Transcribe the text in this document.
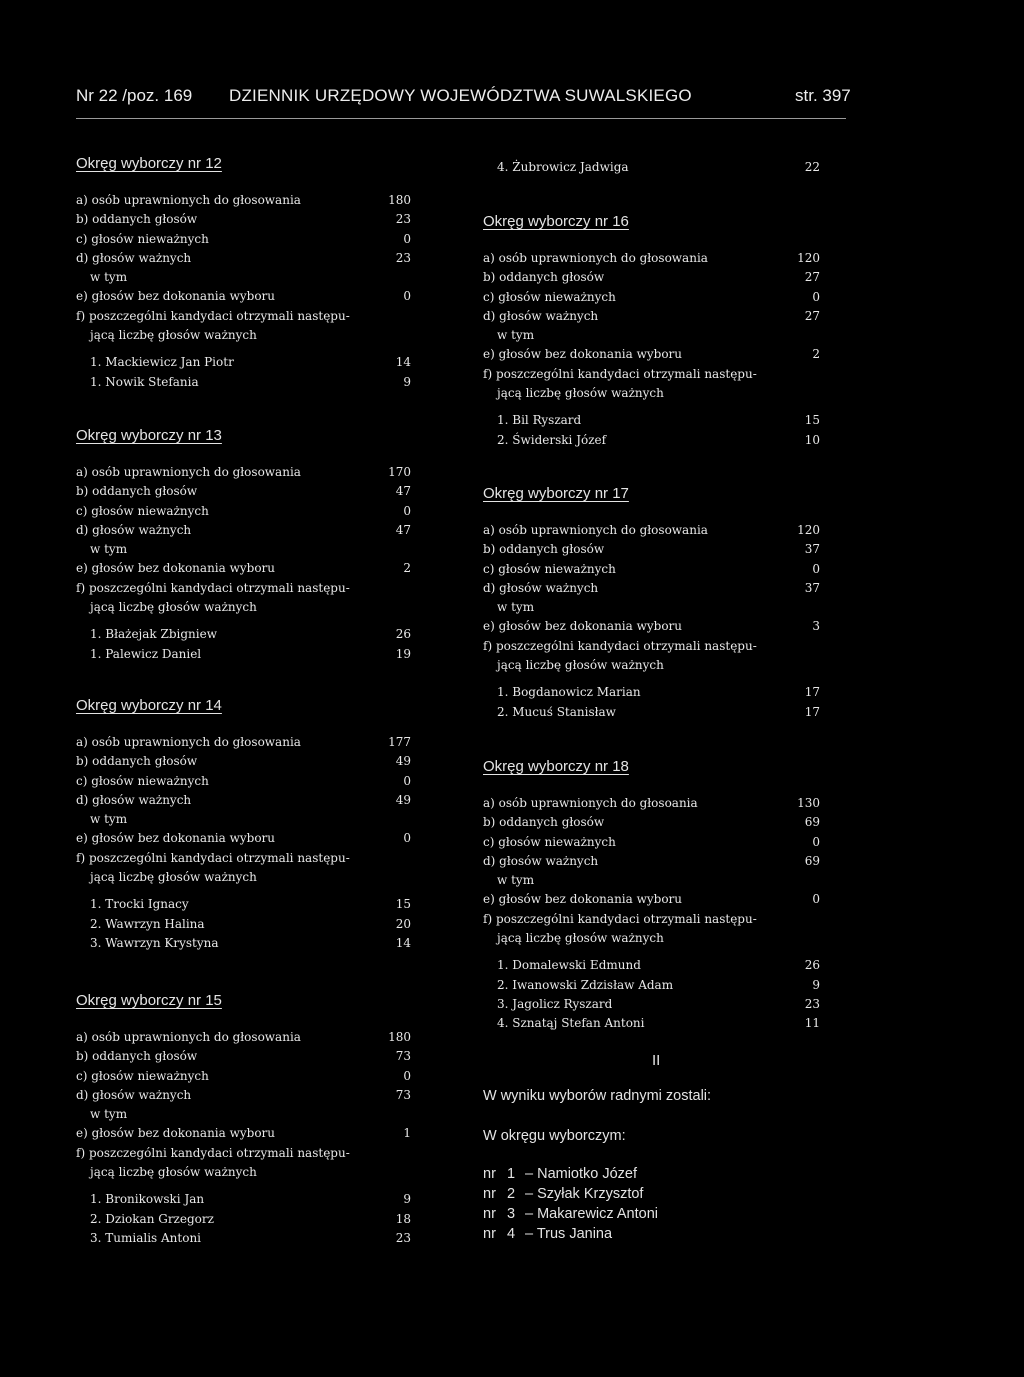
Nr 22 /poz. 169 DZIENNIK URZĘDOWY WOJEWÓDZTWA SUWALSKIEGO	str. 397
Okręg wyborczy nr 12
a) osób uprawnionych do głosowania	180
b) oddanych głosów	23
c) głosów nieważnych	0
d) głosów ważnych	23
w tym
e) głosów bez dokonania wyboru	0
f) poszczególni kandydaci otrzymali następu-
jącą liczbę głosów ważnych
1. Mackiewicz Jan Piotr	14
1. Nowik Stefania	9
Okręg wyborczy nr 13
a) osób uprawnionych do głosowania	170
b) oddanych głosów	47
c) głosów nieważnych	0
d) głosów ważnych	47
w tym
e) głosów bez dokonania wyboru	2
f) poszczególni kandydaci otrzymali następu-
jącą liczbę głosów ważnych
1. Błażejak Zbigniew	26
1. Palewicz Daniel	19
Okręg wyborczy nr 14
a) osób uprawnionych do głosowania	177
b) oddanych głosów	49
c) głosów nieważnych	0
d) głosów ważnych	49
w tym
e) głosów bez dokonania wyboru	0
f) poszczególni kandydaci otrzymali następu-
jącą liczbę głosów ważnych
1. Trocki Ignacy	15
2. Wawrzyn Halina	20
3. Wawrzyn Krystyna	14
Okręg wyborczy nr 15
a) osób uprawnionych do głosowania	180
b) oddanych głosów	73
c) głosów nieważnych	0
d) głosów ważnych	73
w tym
e) głosów bez dokonania wyboru	1
f) poszczególni kandydaci otrzymali następu-
jącą liczbę głosów ważnych
1. Bronikowski Jan	9
2. Dziokan Grzegorz	18
3. Tumialis Antoni	23
4. Żubrowicz Jadwiga	22
Okręg wyborczy nr 16
a) osób uprawnionych do głosowania	120
b) oddanych głosów	27
c) głosów nieważnych	0
d) głosów ważnych	27
w tym
e) głosów bez dokonania wyboru	2
f) poszczególni kandydaci otrzymali następu-
jącą liczbę głosów ważnych
1. Bil Ryszard	15
2. Świderski Józef	10
Okręg wyborczy nr 17
a) osób uprawnionych do głosowania	120
b) oddanych głosów	37
c) głosów nieważnych	0
d) głosów ważnych	37
w tym
e) głosów bez dokonania wyboru	3
f) poszczególni kandydaci otrzymali następu-
jącą liczbę głosów ważnych
1. Bogdanowicz Marian	17
2. Mucuś Stanisław	17
Okręg wyborczy nr 18
a) osób uprawnionych do głosoania	130
b) oddanych głosów	69
c) głosów nieważnych	0
d) głosów ważnych	69
w tym
e) głosów bez dokonania wyboru	0
f) poszczególni kandydaci otrzymali następu-
jącą liczbę głosów ważnych
1. Domalewski Edmund	26
2. Iwanowski Zdzisław Adam	9
3. Jagolicz Ryszard	23
4. Sznatąj Stefan Antoni	11
II
W wyniku wyborów radnymi zostali:
W okręgu wyborczym:
nr 1 – Namiotko Józef
nr 2 – Szyłak Krzysztof
nr 3 – Makarewicz Antoni
nr 4 – Trus Janina
